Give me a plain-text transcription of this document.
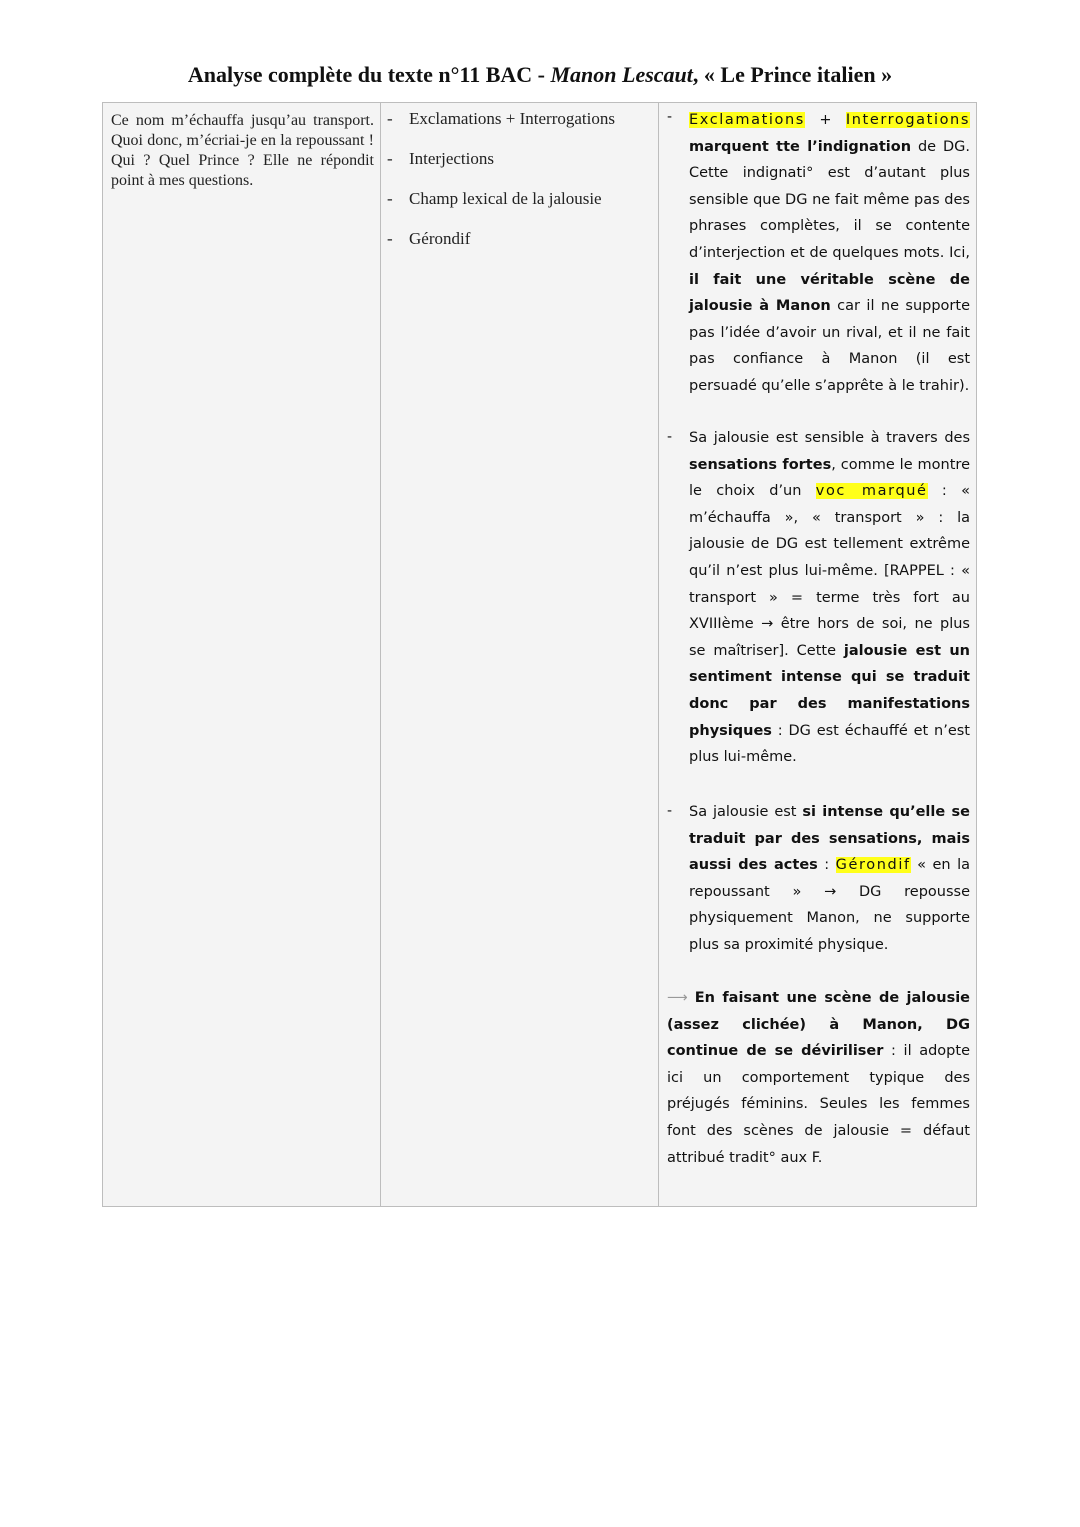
Analyse complète du texte n°11 BAC - Manon Lescaut, « Le Prince italien »
Ce nom m’échauffa jusqu’au transport. Quoi donc, m’écriai-je en la repoussant ! Qui ? Quel Prince ? Elle ne répondit point à mes questions.
- Exclamations + Interrogations
- Interjections
- Champ lexical de la jalousie
- Gérondif
- Exclamations + Interrogations marquent tte l’indignation de DG. Cette indignati° est d’autant plus sensible que DG ne fait même pas des phrases complètes, il se contente d’interjection et de quelques mots. Ici, il fait une véritable scène de jalousie à Manon car il ne supporte pas l’idée d’avoir un rival, et il ne fait pas confiance à Manon (il est persuadé qu’elle s’apprête à le trahir).
- Sa jalousie est sensible à travers des sensations fortes, comme le montre le choix d’un voc marqué : « m’échauffa », « transport » : la jalousie de DG est tellement extrême qu’il n’est plus lui-même. [RAPPEL : « transport » = terme très fort au XVIIIème → être hors de soi, ne plus se maîtriser]. Cette jalousie est un sentiment intense qui se traduit donc par des manifestations physiques : DG est échauffé et n’est plus lui-même.
- Sa jalousie est si intense qu’elle se traduit par des sensations, mais aussi des actes : Gérondif « en la repoussant » → DG repousse physiquement Manon, ne supporte plus sa proximité physique.
⟶ En faisant une scène de jalousie (assez clichée) à Manon, DG continue de se déviriliser : il adopte ici un comportement typique des préjugés féminins. Seules les femmes font des scènes de jalousie = défaut attribué tradit° aux F.
